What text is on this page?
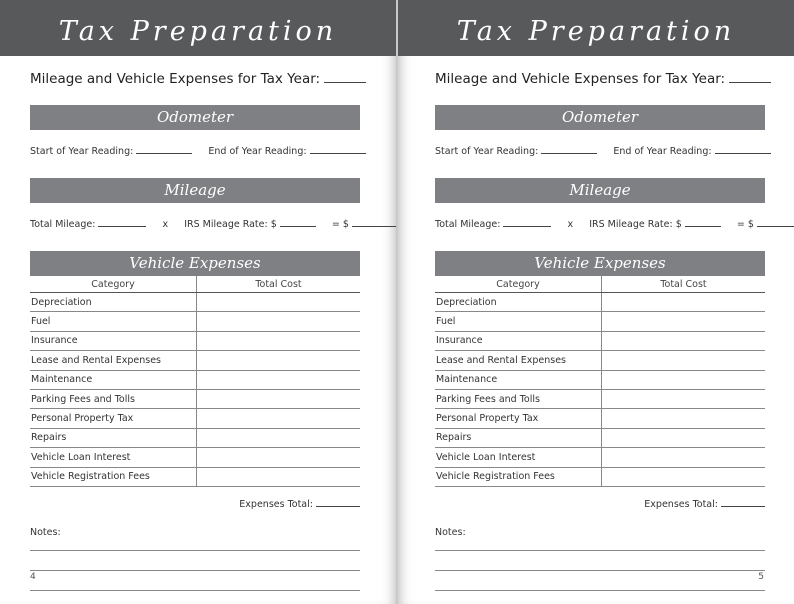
Tax Preparation
Mileage and Vehicle Expenses for Tax Year:
Odometer
Start of Year Reading:	End of Year Reading:
Mileage
Total Mileage:	x IRS Mileage Rate: $	= $
Vehicle Expenses
Category	Total Cost
Depreciation	
Fuel	
Insurance	
Lease and Rental Expenses	
Maintenance	
Parking Fees and Tolls	
Personal Property Tax	
Repairs	
Vehicle Loan Interest	
Vehicle Registration Fees	
Expenses Total:
Notes:
4
Tax Preparation
Mileage and Vehicle Expenses for Tax Year:
Odometer
Start of Year Reading:	End of Year Reading:
Mileage
Total Mileage:	x IRS Mileage Rate: $	= $
Vehicle Expenses
Category	Total Cost
Depreciation	
Fuel	
Insurance	
Lease and Rental Expenses	
Maintenance	
Parking Fees and Tolls	
Personal Property Tax	
Repairs	
Vehicle Loan Interest	
Vehicle Registration Fees	
Expenses Total:
Notes:
5
